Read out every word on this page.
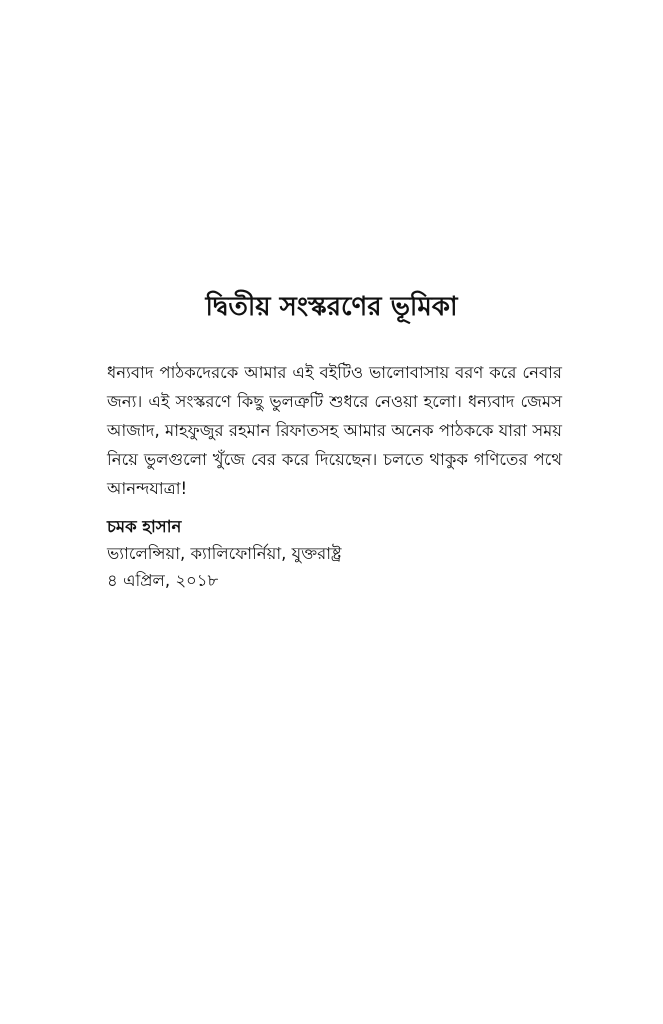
দ্বিতীয় সংস্করণের ভূমিকা

ধন্যবাদ পাঠকদেরকে আমার এই বইটিও ভালোবাসায় বরণ করে নেবার জন্য। এই সংস্করণে কিছু ভুলত্রুটি শুধরে নেওয়া হলো। ধন্যবাদ জেমস আজাদ, মাহফুজুর রহমান রিফাতসহ আমার অনেক পাঠককে যারা সময় নিয়ে ভুলগুলো খুঁজে বের করে দিয়েছেন। চলতে থাকুক গণিতের পথে আনন্দযাত্রা!

চমক হাসান
ভ্যালেন্সিয়া, ক্যালিফোর্নিয়া, যুক্তরাষ্ট্র
৪ এপ্রিল, ২০১৮
